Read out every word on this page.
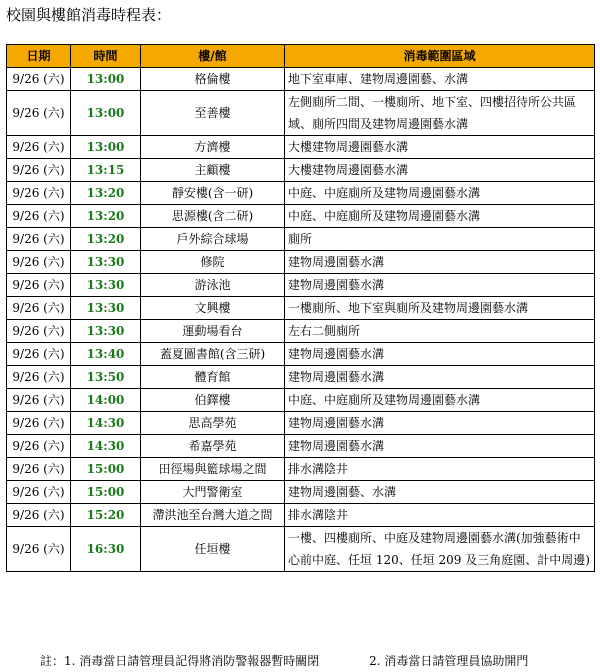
校園與樓館消毒時程表：
日期	時間	樓/館	消毒範圍區域
9/26 (六)	13:00	格倫樓	地下室車庫、建物周邊園藝、水溝
9/26 (六)	13:00	至善樓	左側廁所二間、一樓廁所、地下室、四樓招待所公共區域、廁所四間及建物周邊園藝水溝
9/26 (六)	13:00	方濟樓	大樓建物周邊園藝水溝
9/26 (六)	13:15	主顧樓	大樓建物周邊園藝水溝
9/26 (六)	13:20	靜安樓(含一研)	中庭、中庭廁所及建物周邊園藝水溝
9/26 (六)	13:20	思源樓(含二研)	中庭、中庭廁所及建物周邊園藝水溝
9/26 (六)	13:20	戶外綜合球場	廁所
9/26 (六)	13:30	修院	建物周邊園藝水溝
9/26 (六)	13:30	游泳池	建物周邊園藝水溝
9/26 (六)	13:30	文興樓	一樓廁所、地下室與廁所及建物周邊園藝水溝
9/26 (六)	13:30	運動場看台	左右二側廁所
9/26 (六)	13:40	蓋夏圖書館(含三研)	建物周邊園藝水溝
9/26 (六)	13:50	體育館	建物周邊園藝水溝
9/26 (六)	14:00	伯鐸樓	中庭、中庭廁所及建物周邊園藝水溝
9/26 (六)	14:30	思高學苑	建物周邊園藝水溝
9/26 (六)	14:30	希嘉學苑	建物周邊園藝水溝
9/26 (六)	15:00	田徑場與籃球場之間	排水溝陰井
9/26 (六)	15:00	大門警衛室	建物周邊園藝、水溝
9/26 (六)	15:20	滯洪池至台灣大道之間	排水溝陰井
9/26 (六)	16:30	任垣樓	一樓、四樓廁所、中庭及建物周邊園藝水溝(加強藝術中心前中庭、任垣 120、任垣 209 及三角庭園、計中周邊)
註：1. 消毒當日請管理員記得將消防警報器暫時關閉	2. 消毒當日請管理員協助開門
